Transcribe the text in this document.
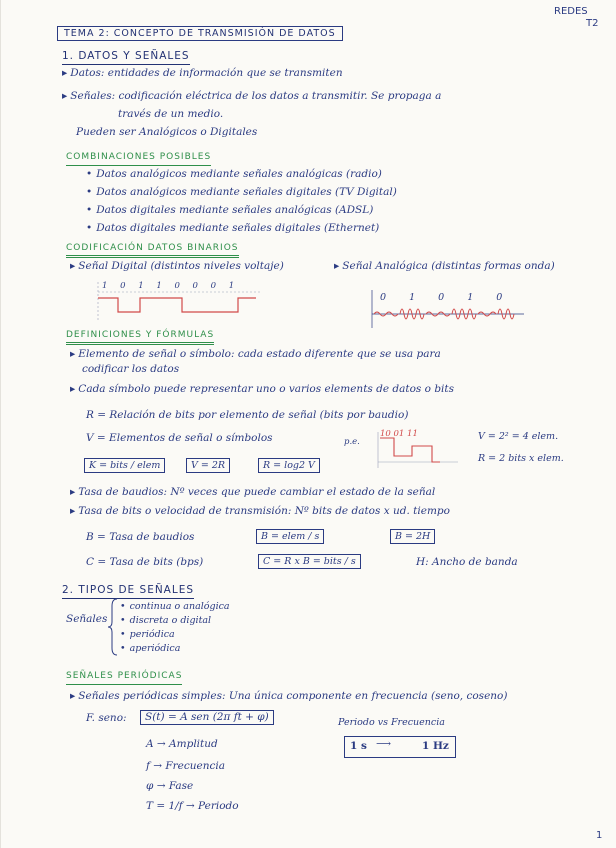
REDES
T2
TEMA 2: CONCEPTO DE TRANSMISIÓN DE DATOS
1. DATOS Y SEÑALES
▸ Datos: entidades de información que se transmiten
▸ Señales: codificación eléctrica de los datos a transmitir. Se propaga a
través de un medio.
Pueden ser Analógicos o Digitales
COMBINACIONES POSIBLES
• Datos analógicos mediante señales analógicas (radio)
• Datos analógicos mediante señales digitales (TV Digital)
• Datos digitales mediante señales analógicas (ADSL)
• Datos digitales mediante señales digitales (Ethernet)
CODIFICACIÓN DATOS BINARIOS
▸ Señal Digital (distintos niveles voltaje)
▸	Señal Analógica (distintas formas onda)
1 0 1 1 0 0 0 1
0 1 0 1 0
DEFINICIONES Y FÓRMULAS
▸ Elemento de señal o símbolo: cada estado diferente que se usa para
codificar los datos
▸ Cada símbolo puede representar uno o varios elements de datos o bits
R = Relación de bits por elemento de señal (bits por baudio)
V = Elementos de señal o símbolos	p.e.
10 01 11	V = 2² = 4 elem.
R = 2 bits x elem.
K = bits / elem	V = 2R	R = log2 V
▸ Tasa de baudios: Nº veces que puede cambiar el estado de la señal
▸ Tasa de bits o velocidad de transmisión: Nº bits de datos x ud. tiempo
B = Tasa de baudios	B = elem / s	B = 2H
C = Tasa de bits (bps)	C = R x B = bits / s	H: Ancho de banda
2. TIPOS DE SEÑALES
Señales
• continua o analógica
• discreta o digital
• periódica
• aperiódica
SEÑALES PERIÓDICAS
▸ Señales periódicas simples: Una única componente en frecuencia (seno, coseno)
F. seno:	S(t) = A sen (2π ft + φ)	Periodo vs Frecuencia
1 s ⟶	1 Hz
A → Amplitud
f → Frecuencia
φ → Fase
T = 1/f → Periodo
1
